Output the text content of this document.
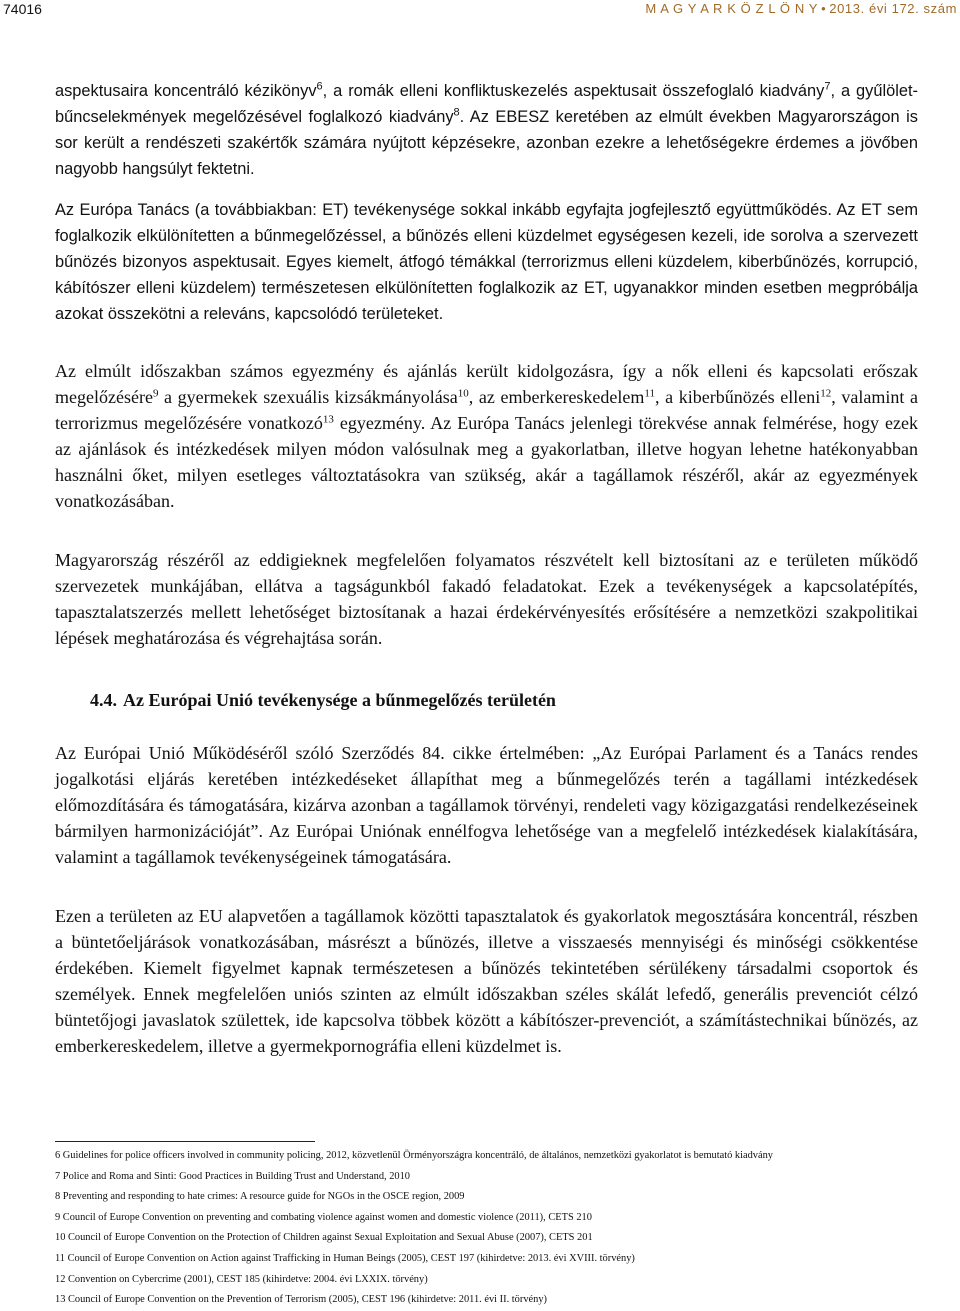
74016	M A G Y A R K Ö Z L Ö N Y • 2013. évi 172. szám

aspektusaira koncentráló kézikönyv$^6$, a romák elleni konfliktuskezelés aspektusait összefoglaló kiadvány$^7$, a gyűlölet-bűncselekmények megelőzésével foglalkozó kiadvány$^8$. Az EBESZ keretében az elmúlt években Magyarországon is sor került a rendészeti szakértők számára nyújtott képzésekre, azonban ezekre a lehetőségekre érdemes a jövőben nagyobb hangsúlyt fektetni.

Az Európa Tanács (a továbbiakban: ET) tevékenysége sokkal inkább egyfajta jogfejlesztő együttműködés. Az ET sem foglalkozik elkülönítetten a bűnmegelőzéssel, a bűnözés elleni küzdelmet egységesen kezeli, ide sorolva a szervezett bűnözés bizonyos aspektusait. Egyes kiemelt, átfogó témákkal (terrorizmus elleni küzdelem, kiberbűnözés, korrupció, kábítószer elleni küzdelem) természetesen elkülönítetten foglalkozik az ET, ugyanakkor minden esetben megpróbálja azokat összekötni a releváns, kapcsolódó területeket.

Az elmúlt időszakban számos egyezmény és ajánlás került kidolgozásra, így a nők elleni és kapcsolati erőszak megelőzésére$^9$ a gyermekek szexuális kizsákmányolása$^{10}$, az emberkereskedelem$^{11}$, a kiberbűnözés elleni$^{12}$, valamint a terrorizmus megelőzésére vonatkozó$^{13}$ egyezmény. Az Európa Tanács jelenlegi törekvése annak felmérése, hogy ezek az ajánlások és intézkedések milyen módon valósulnak meg a gyakorlatban, illetve hogyan lehetne hatékonyabban használni őket, milyen esetleges változtatásokra van szükség, akár a tagállamok részéről, akár az egyezmények vonatkozásában.

Magyarország részéről az eddigieknek megfelelően folyamatos részvételt kell biztosítani az e területen működő szervezetek munkájában, ellátva a tagságunkból fakadó feladatokat. Ezek a tevékenységek a kapcsolatépítés, tapasztalatszerzés mellett lehetőséget biztosítanak a hazai érdekérvényesítés erősítésére a nemzetközi szakpolitikai lépések meghatározása és végrehajtása során.

4.4. Az Európai Unió tevékenysége a bűnmegelőzés területén

Az Európai Unió Működéséről szóló Szerződés 84. cikke értelmében: „Az Európai Parlament és a Tanács rendes jogalkotási eljárás keretében intézkedéseket állapíthat meg a bűnmegelőzés terén a tagállami intézkedések előmozdítására és támogatására, kizárva azonban a tagállamok törvényi, rendeleti vagy közigazgatási rendelkezéseinek bármilyen harmonizációját”. Az Európai Uniónak ennélfogva lehetősége van a megfelelő intézkedések kialakítására, valamint a tagállamok tevékenységeinek támogatására.

Ezen a területen az EU alapvetően a tagállamok közötti tapasztalatok és gyakorlatok megosztására koncentrál, részben a büntetőeljárások vonatkozásában, másrészt a bűnözés, illetve a visszaesés mennyiségi és minőségi csökkentése érdekében. Kiemelt figyelmet kapnak természetesen a bűnözés tekintetében sérülékeny társadalmi csoportok és személyek. Ennek megfelelően uniós szinten az elmúlt időszakban széles skálát lefedő, generális prevenciót célzó büntetőjogi javaslatok születtek, ide kapcsolva többek között a kábítószer-prevenciót, a számítástechnikai bűnözés, az emberkereskedelem, illetve a gyermekpornográfia elleni küzdelmet is.

6 Guidelines for police officers involved in community policing, 2012, közvetlenül Örményországra koncentráló, de általános, nemzetközi gyakorlatot is bemutató kiadvány
7 Police and Roma and Sinti: Good Practices in Building Trust and Understand, 2010
8 Preventing and responding to hate crimes: A resource guide for NGOs in the OSCE region, 2009
9 Council of Europe Convention on preventing and combating violence against women and domestic violence (2011), CETS 210
10 Council of Europe Convention on the Protection of Children against Sexual Exploitation and Sexual Abuse (2007), CETS 201
11 Council of Europe Convention on Action against Trafficking in Human Beings (2005), CEST 197 (kihirdetve: 2013. évi XVIII. törvény)
12 Convention on Cybercrime (2001), CEST 185 (kihirdetve: 2004. évi LXXIX. törvény)
13 Council of Europe Convention on the Prevention of Terrorism (2005), CEST 196 (kihirdetve: 2011. évi II. törvény)
